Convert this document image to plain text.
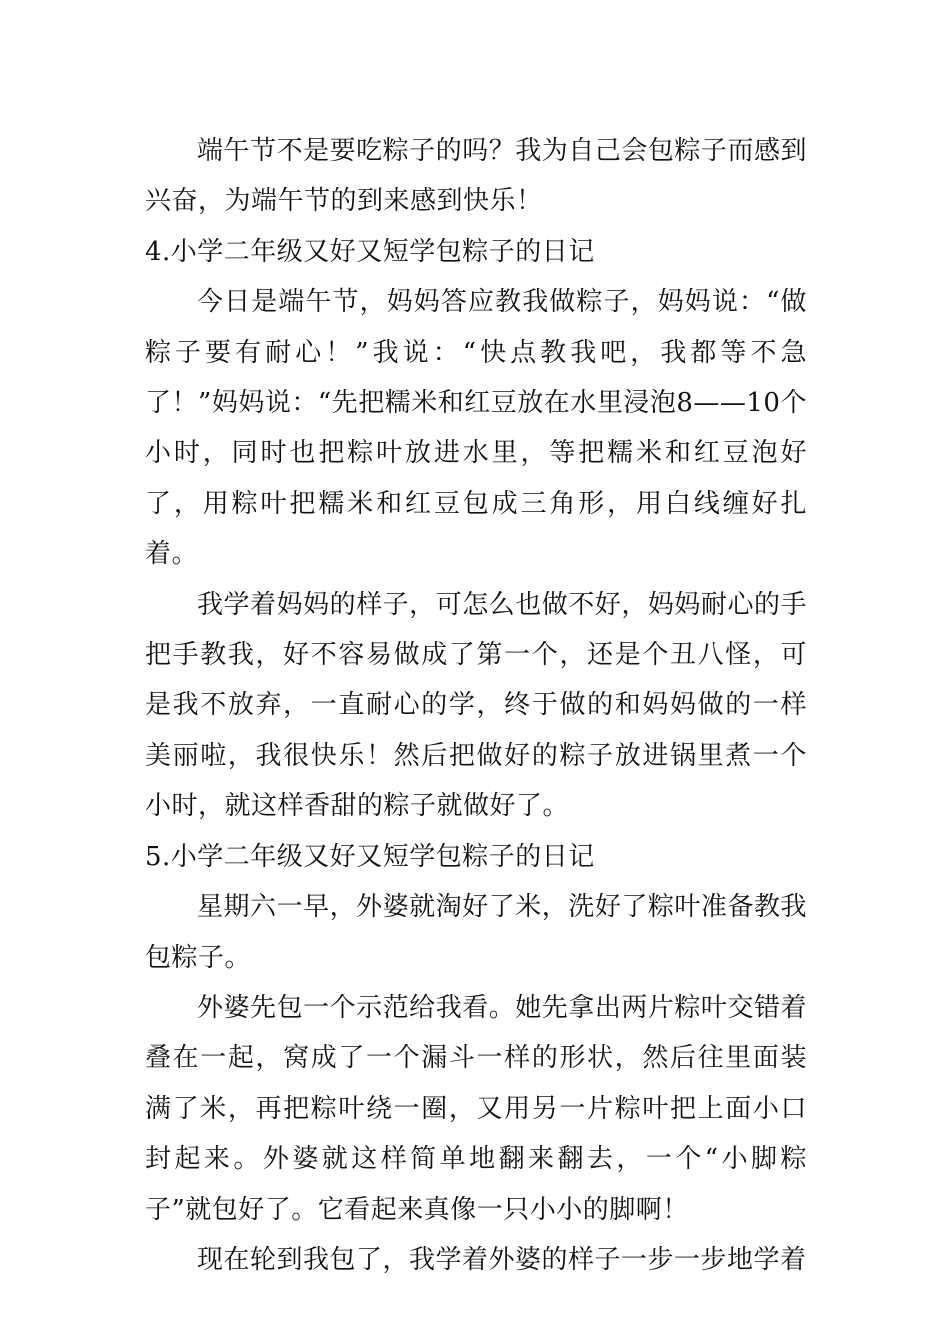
端午节不是要吃粽子的吗？我为自己会包粽子而感到兴奋，为端午节的到来感到快乐！

4.小学二年级又好又短学包粽子的日记

今日是端午节，妈妈答应教我做粽子，妈妈说：“做粽子要有耐心！”我说：“快点教我吧，我都等不急了！”妈妈说：“先把糯米和红豆放在水里浸泡8——10个小时，同时也把粽叶放进水里，等把糯米和红豆泡好了，用粽叶把糯米和红豆包成三角形，用白线缠好扎着。

我学着妈妈的样子，可怎么也做不好，妈妈耐心的手把手教我，好不容易做成了第一个，还是个丑八怪，可是我不放弃，一直耐心的学，终于做的和妈妈做的一样美丽啦，我很快乐！然后把做好的粽子放进锅里煮一个小时，就这样香甜的粽子就做好了。

5.小学二年级又好又短学包粽子的日记

星期六一早，外婆就淘好了米，洗好了粽叶准备教我包粽子。

外婆先包一个示范给我看。她先拿出两片粽叶交错着叠在一起，窝成了一个漏斗一样的形状，然后往里面装满了米，再把粽叶绕一圈，又用另一片粽叶把上面小口封起来。外婆就这样简单地翻来翻去，一个“小脚粽子”就包好了。它看起来真像一只小小的脚啊！

现在轮到我包了，我学着外婆的样子一步一步地学着
